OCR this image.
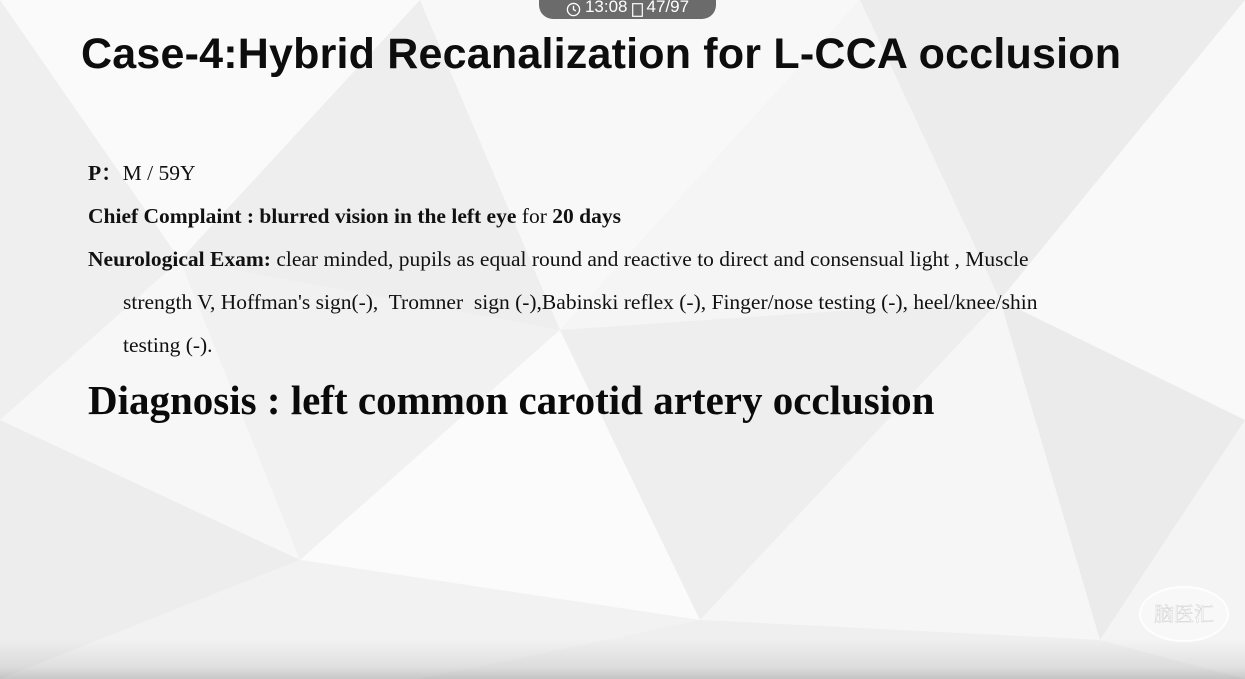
13:08 47/97
Case-4:Hybrid Recanalization for L-CCA occlusion
P：M / 59Y
Chief Complaint : blurred vision in the left eye for 20 days
Neurological Exam: clear minded, pupils as equal round and reactive to direct and consensual light , Muscle
strength V, Hoffman's sign(-),  Tromner  sign (-),Babinski reflex (-), Finger/nose testing (-), heel/knee/shin
testing (-).
Diagnosis : left common carotid artery occlusion
脑医汇
